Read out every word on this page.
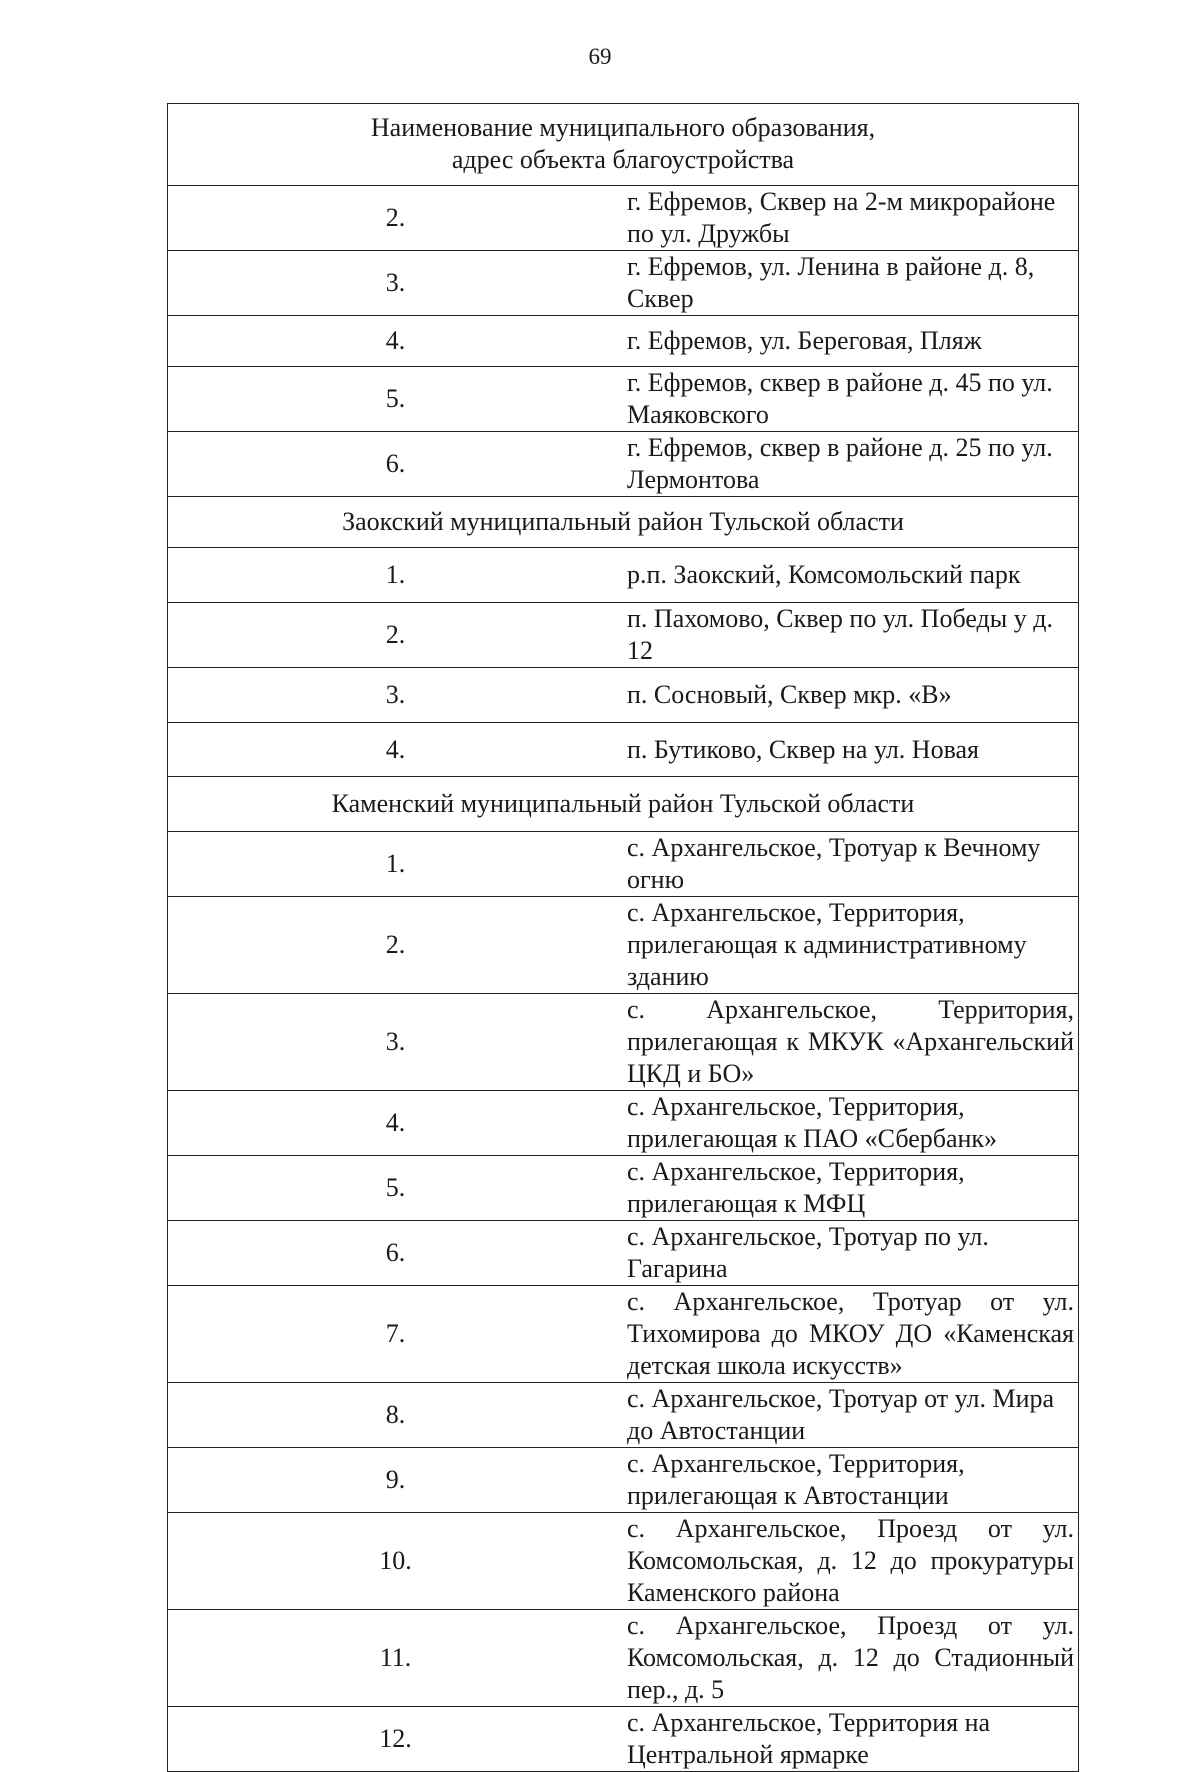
69
Наименование муниципального образования,
адрес объекта благоустройства	

2.	г. Ефремов, Сквер на 2-м микрорайоне по ул. Дружбы
3.	г. Ефремов, ул. Ленина в районе д. 8, Сквер
4.	г. Ефремов, ул. Береговая, Пляж
5.	г. Ефремов, сквер в районе д. 45 по ул. Маяковского
6.	г. Ефремов, сквер в районе д. 25 по ул. Лермонтова
Заокский муниципальный район Тульской области	
1.	р.п. Заокский, Комсомольский парк
2.	п. Пахомово, Сквер по ул. Победы у д. 12
3.	п. Сосновый, Сквер мкр. «В»
4.	п. Бутиково, Сквер на ул. Новая
Каменский муниципальный район Тульской области	
1.	с. Архангельское, Тротуар к Вечному огню
2.	с. Архангельское, Территория, прилегающая к административному зданию
3.	с. Архангельское, Территория, прилегающая к МКУК «Архангельский ЦКД и БО»
4.	с. Архангельское, Территория, прилегающая к ПАО «Сбербанк»
5.	с. Архангельское, Территория, прилегающая к МФЦ
6.	с. Архангельское, Тротуар по ул. Гагарина
7.	с. Архангельское, Тротуар от ул. Тихомирова до МКОУ ДО «Каменская детская школа искусств»
8.	с. Архангельское, Тротуар от ул. Мира до Автостанции
9.	с. Архангельское, Территория, прилегающая к Автостанции
10.	с. Архангельское, Проезд от ул. Комсомольская, д. 12 до прокуратуры Каменского района
11.	с. Архангельское, Проезд от ул. Комсомольская, д. 12 до Стадионный пер., д. 5
12.	с. Архангельское, Территория на Центральной ярмарке
